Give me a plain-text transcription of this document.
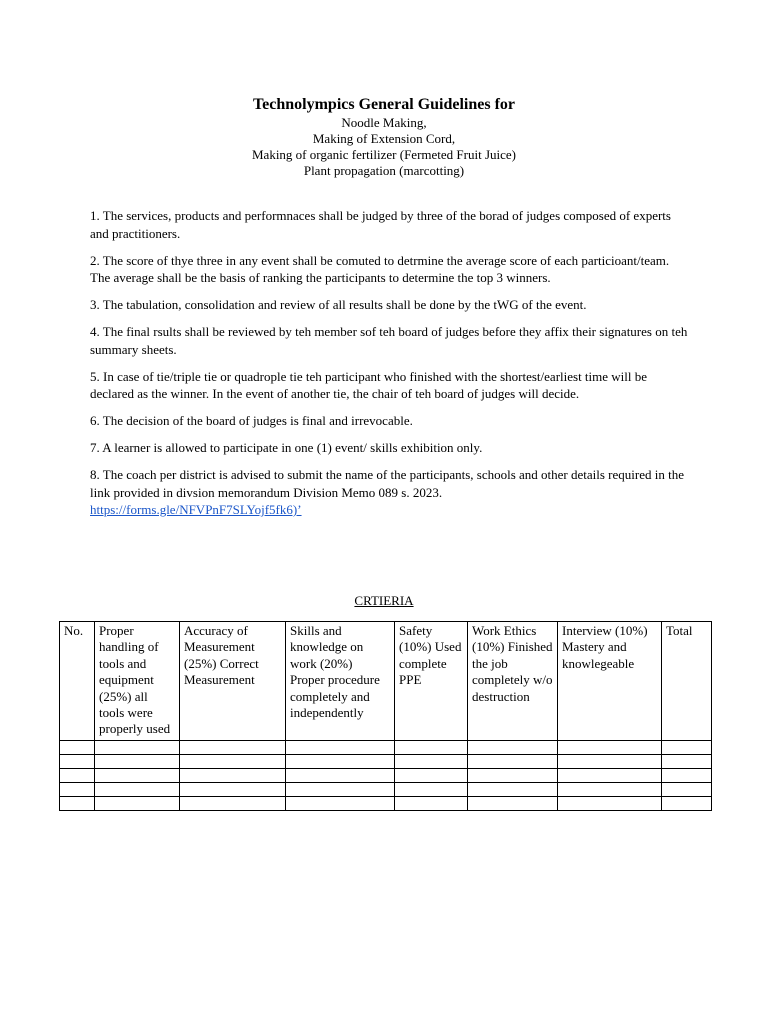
Technolympics General Guidelines for
Noodle Making,
Making of Extension Cord,
Making of organic fertilizer (Fermeted Fruit Juice)
Plant propagation (marcotting)

1. The services, products and performnaces shall be judged by three of the borad of judges composed of experts and practitioners.

2. The score of thye three in any event shall be comuted to detrmine the average score of each particioant/team. The average shall be the basis of ranking the participants to determine the top 3 winners.

3. The tabulation, consolidation and review of all results shall be done by the tWG of the event.

4. The final rsults shall be reviewed by teh member sof teh board of judges before they affix their signatures on teh summary sheets.

5. In case of tie/triple tie or quadrople tie teh participant who finished with the shortest/earliest time will be declared as the winner. In the event of another tie, the chair of teh board of judges will decide.

6. The decision of the board of judges is final and irrevocable.

7. A learner is allowed to participate in one (1) event/ skills exhibition only.

8. The coach per district is advised to submit the name of the participants, schools and other details required in the link provided in divsion memorandum Division Memo 089 s. 2023.
https://forms.gle/NFVPnF7SLYojf5fk6)’

CRTIERIA
No.	Proper handling of tools and equipment (25%) all tools were properly used	Accuracy of Measurement (25%) Correct Measurement	Skills and knowledge on work (20%) Proper procedure completely and independently	Safety (10%) Used complete PPE	Work Ethics (10%) Finished the job completely w/o destruction	Interview (10%) Mastery and knowlegeable	Total
